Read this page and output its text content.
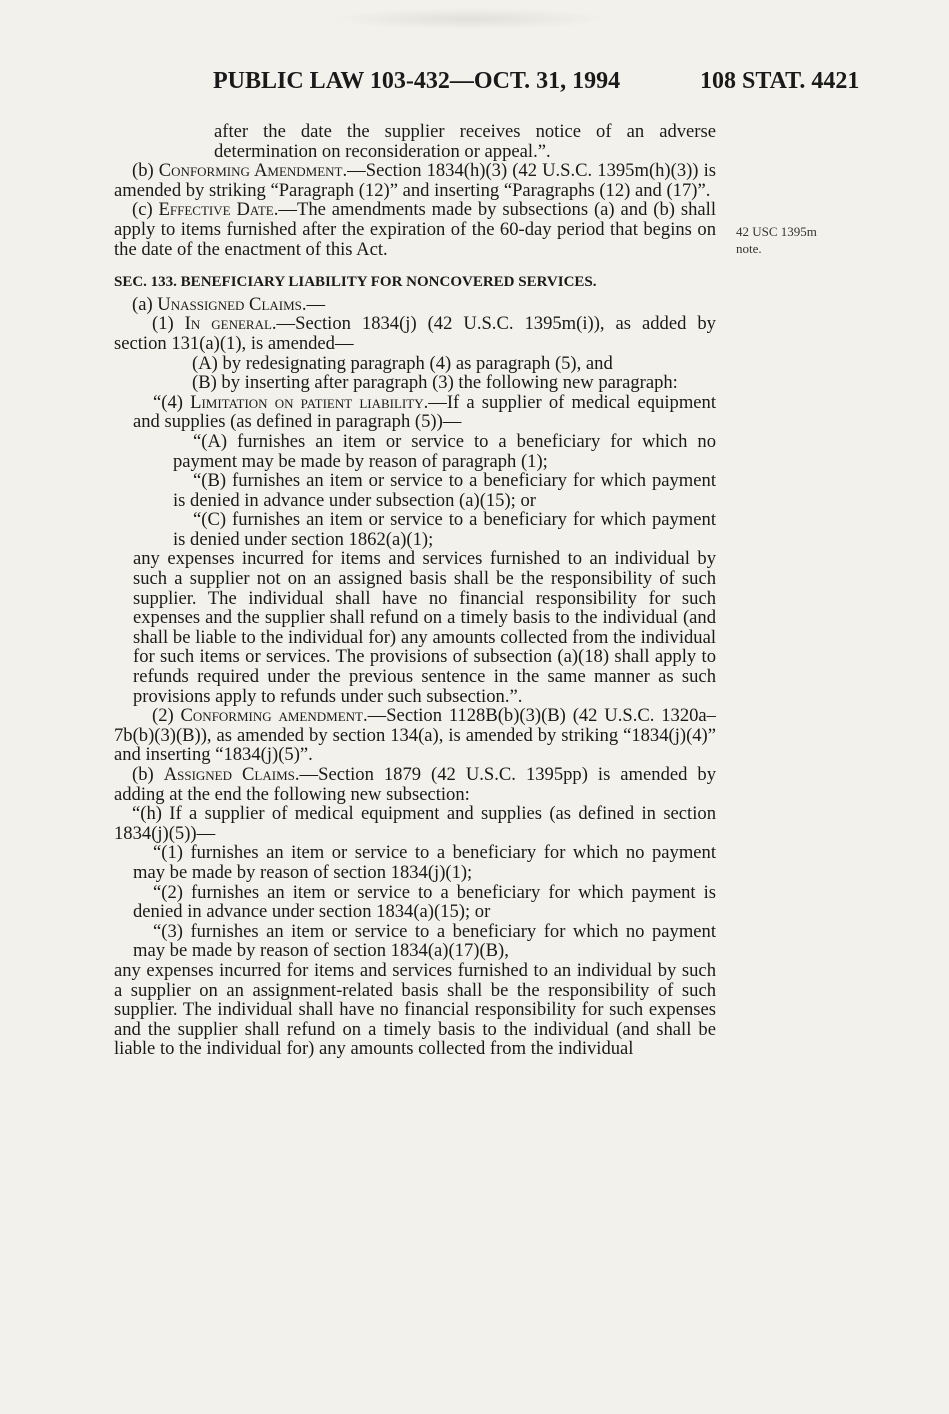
PUBLIC LAW 103-432—OCT. 31, 1994	108 STAT. 4421
42 USC 1395m
note.

after the date the supplier receives notice of an adverse determination on reconsideration or appeal.”.

(b) Conforming Amendment.—Section 1834(h)(3) (42 U.S.C. 1395m(h)(3)) is amended by striking “Paragraph (12)” and inserting “Paragraphs (12) and (17)”.

(c) Effective Date.—The amendments made by subsections (a) and (b) shall apply to items furnished after the expiration of the 60-day period that begins on the date of the enactment of this Act.

SEC. 133. BENEFICIARY LIABILITY FOR NONCOVERED SERVICES.

(a) Unassigned Claims.—

(1) In general.—Section 1834(j) (42 U.S.C. 1395m(i)), as added by section 131(a)(1), is amended—

(A) by redesignating paragraph (4) as paragraph (5), and

(B) by inserting after paragraph (3) the following new paragraph:

“(4) Limitation on patient liability.—If a supplier of medical equipment and supplies (as defined in paragraph (5))—

“(A) furnishes an item or service to a beneficiary for which no payment may be made by reason of paragraph (1);

“(B) furnishes an item or service to a beneficiary for which payment is denied in advance under subsection (a)(15); or

“(C) furnishes an item or service to a beneficiary for which payment is denied under section 1862(a)(1);

any expenses incurred for items and services furnished to an individual by such a supplier not on an assigned basis shall be the responsibility of such supplier. The individual shall have no financial responsibility for such expenses and the supplier shall refund on a timely basis to the individual (and shall be liable to the individual for) any amounts collected from the individual for such items or services. The provisions of subsection (a)(18) shall apply to refunds required under the previous sentence in the same manner as such provisions apply to refunds under such subsection.”.

(2) Conforming amendment.—Section 1128B(b)(3)(B) (42 U.S.C. 1320a–7b(b)(3)(B)), as amended by section 134(a), is amended by striking “1834(j)(4)” and inserting “1834(j)(5)”.

(b) Assigned Claims.—Section 1879 (42 U.S.C. 1395pp) is amended by adding at the end the following new subsection:

“(h) If a supplier of medical equipment and supplies (as defined in section 1834(j)(5))—

“(1) furnishes an item or service to a beneficiary for which no payment may be made by reason of section 1834(j)(1);

“(2) furnishes an item or service to a beneficiary for which payment is denied in advance under section 1834(a)(15); or

“(3) furnishes an item or service to a beneficiary for which no payment may be made by reason of section 1834(a)(17)(B),

any expenses incurred for items and services furnished to an individual by such a supplier on an assignment-related basis shall be the responsibility of such supplier. The individual shall have no financial responsibility for such expenses and the supplier shall refund on a timely basis to the individual (and shall be liable to the individual for) any amounts collected from the individual
